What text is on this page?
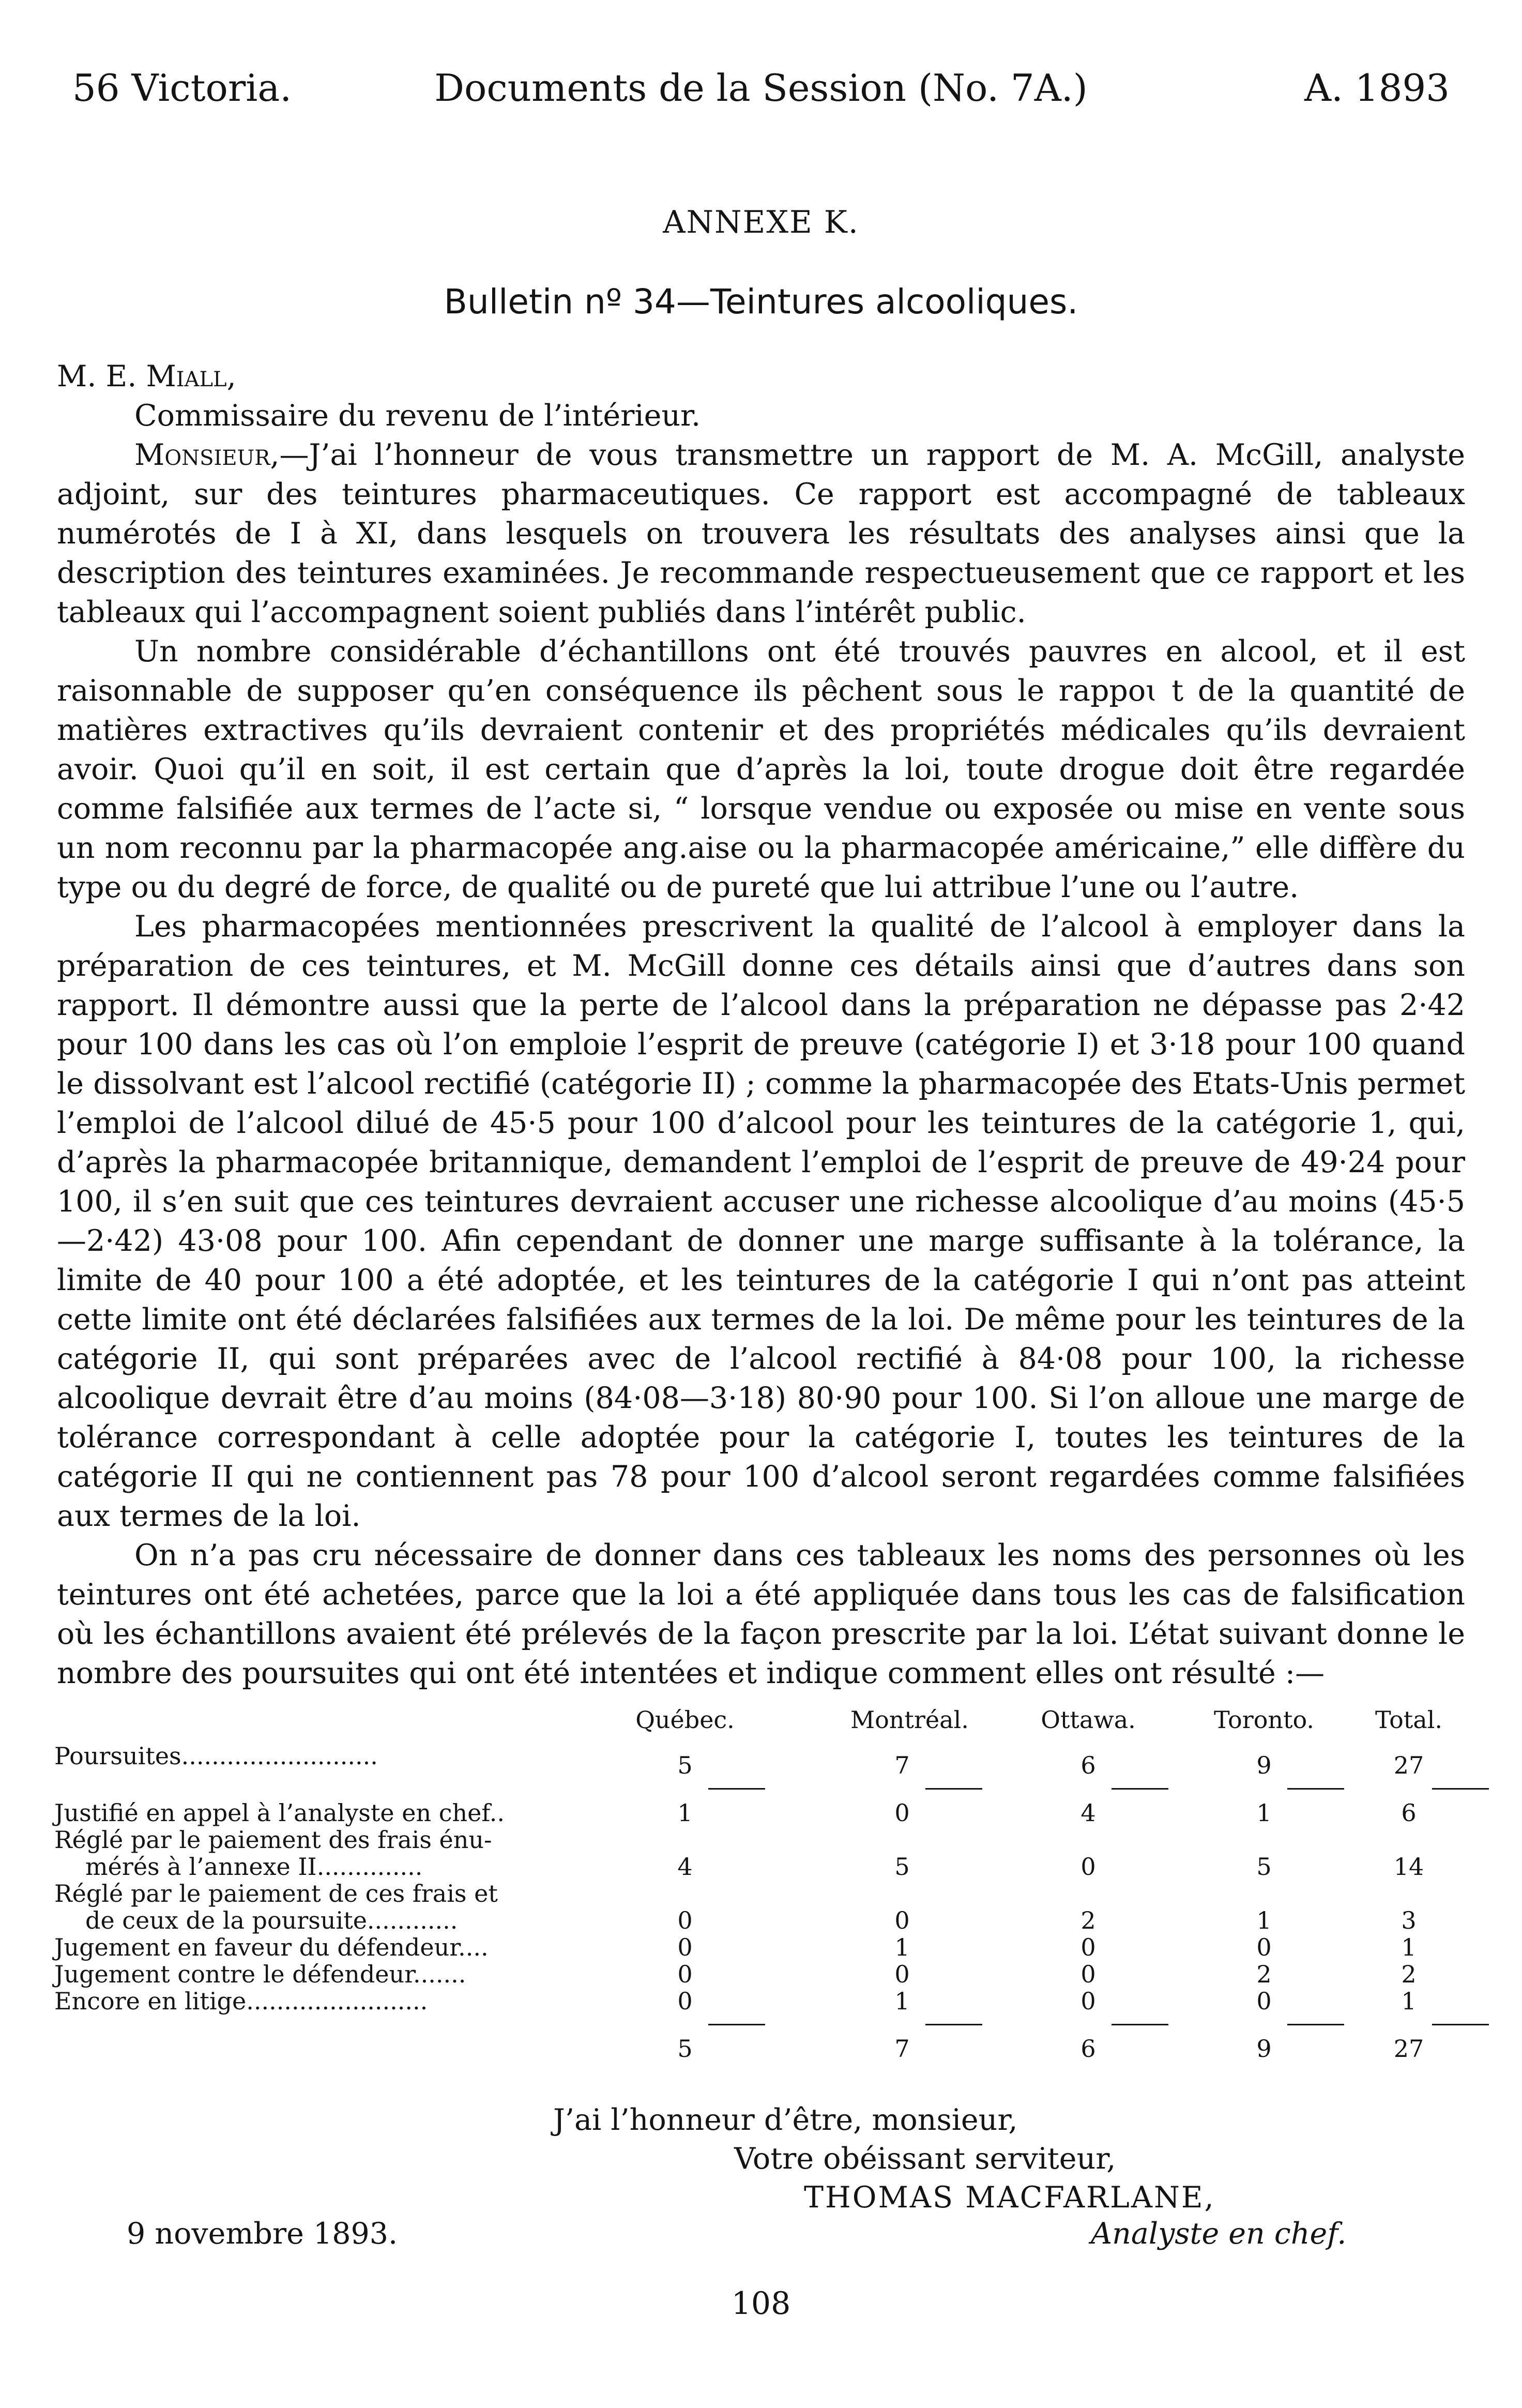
56 Victoria.	Documents de la Session (No. 7A.)	A. 1893
ANNEXE K.
Bulletin nº 34—Teintures alcooliques.

M. E. Miall,

Commissaire du revenu de l’intérieur.

Monsieur,—J’ai l’honneur de vous transmettre un rapport de M. A. McGill, analyste adjoint, sur des teintures pharmaceutiques. Ce rapport est accompagné de tableaux numérotés de I à XI, dans lesquels on trouvera les résultats des analyses ainsi que la description des teintures examinées. Je recommande respectueusement que ce rapport et les tableaux qui l’accompagnent soient publiés dans l’intérêt public.

Un nombre considérable d’échantillons ont été trouvés pauvres en alcool, et il est raisonnable de supposer qu’en conséquence ils pêchent sous le rappoɩ t de la quantité de matières extractives qu’ils devraient contenir et des propriétés médicales qu’ils devraient avoir. Quoi qu’il en soit, il est certain que d’après la loi, toute drogue doit être regardée comme falsifiée aux termes de l’acte si, “ lorsque vendue ou exposée ou mise en vente sous un nom reconnu par la pharmacopée ang.aise ou la pharmacopée américaine,” elle diffère du type ou du degré de force, de qualité ou de pureté que lui attribue l’une ou l’autre.

Les pharmacopées mentionnées prescrivent la qualité de l’alcool à employer dans la préparation de ces teintures, et M. McGill donne ces détails ainsi que d’autres dans son rapport. Il démontre aussi que la perte de l’alcool dans la préparation ne dépasse pas 2·42 pour 100 dans les cas où l’on emploie l’esprit de preuve (catégorie I) et 3·18 pour 100 quand le dissolvant est l’alcool rectifié (catégorie II) ; comme la pharmacopée des Etats-Unis permet l’emploi de l’alcool dilué de 45·5 pour 100 d’alcool pour les teintures de la catégorie 1, qui, d’après la pharmacopée britannique, demandent l’emploi de l’esprit de preuve de 49·24 pour 100, il s’en suit que ces teintures devraient accuser une richesse alcoolique d’au moins (45·5—2·42) 43·08 pour 100. Afin cependant de donner une marge suffisante à la tolérance, la limite de 40 pour 100 a été adoptée, et les teintures de la catégorie I qui n’ont pas atteint cette limite ont été déclarées falsifiées aux termes de la loi. De même pour les teintures de la catégorie II, qui sont préparées avec de l’alcool rectifié à 84·08 pour 100, la richesse alcoolique devrait être d’au moins (84·08—3·18) 80·90 pour 100. Si l’on alloue une marge de tolérance correspondant à celle adoptée pour la catégorie I, toutes les teintures de la catégorie II qui ne contiennent pas 78 pour 100 d’alcool seront regardées comme falsifiées aux termes de la loi.

On n’a pas cru nécessaire de donner dans ces tableaux les noms des personnes où les teintures ont été achetées, parce que la loi a été appliquée dans tous les cas de falsification où les échantillons avaient été prélevés de la façon prescrite par la loi. L’état suivant donne le nombre des poursuites qui ont été intentées et indique comment elles ont résulté :—

Québec.	Montréal.	Ottawa.	Toronto.	Total.
Poursuites..........................	5	7	6	9	27
Justifié en appel à l’analyste en chef..	1	0	4	1	6
Réglé par le paiement des frais énu-
mérés à l’annexe II..............	4	5	0	5	14
Réglé par le paiement de ces frais et
de ceux de la poursuite............	0	0	2	1	3
Jugement en faveur du défendeur....	0	1	0	0	1
Jugement contre le défendeur.......	0	0	0	2	2
Encore en litige........................	0	1	0	0	1
5	7	6	9	27
J’ai l’honneur d’être, monsieur,
Votre obéissant serviteur,
THOMAS MACFARLANE,
Analyste en chef.
9 novembre 1893.
108
